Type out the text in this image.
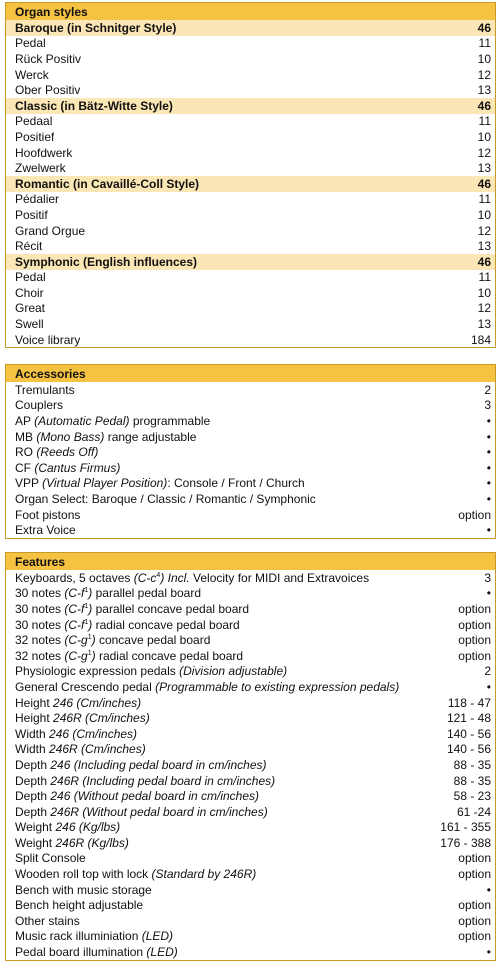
Organ styles
Baroque (in Schnitger Style)	46
Pedal	11
Rück Positiv	10
Werck	12
Ober Positiv	13
Classic (in Bätz-Witte Style)	46
Pedaal	11
Positief	10
Hoofdwerk	12
Zwelwerk	13
Romantic (in Cavaillé-Coll Style)	46
Pédalier	11
Positif	10
Grand Orgue	12
Récit	13
Symphonic (English influences)	46
Pedal	11
Choir	10
Great	12
Swell	13
Voice library	184
Accessories
Tremulants	2
Couplers	3
AP (Automatic Pedal) programmable	•
MB (Mono Bass) range adjustable	•
RO (Reeds Off)	•
CF (Cantus Firmus)	•
VPP (Virtual Player Position): Console / Front / Church	•
Organ Select: Baroque / Classic / Romantic / Symphonic	•
Foot pistons	option
Extra Voice	•
Features
Keyboards, 5 octaves $(C-c^4)$ Incl. Velocity for MIDI and Extravoices	3
30 notes $(C-f^1)$ parallel pedal board	•
30 notes $(C-f^1)$ parallel concave pedal board	option
30 notes $(C-f^1)$ radial concave pedal board	option
32 notes $(C-g^1)$ concave pedal board	option
32 notes $(C-g^1)$ radial concave pedal board	option
Physiologic expression pedals (Division adjustable)	2
General Crescendo pedal (Programmable to existing expression pedals)	•
Height 246 (Cm/inches)	118 - 47
Height 246R (Cm/inches)	121 - 48
Width 246 (Cm/inches)	140 - 56
Width 246R (Cm/inches)	140 - 56
Depth 246 (Including pedal board in cm/inches)	88 - 35
Depth 246R (Including pedal board in cm/inches)	88 - 35
Depth 246 (Without pedal board in cm/inches)	58 - 23
Depth 246R (Without pedal board in cm/inches)	61 -24
Weight 246 (Kg/lbs)	161 - 355
Weight 246R (Kg/lbs)	176 - 388
Split Console	option
Wooden roll top with lock (Standard by 246R)	option
Bench with music storage	•
Bench height adjustable	option
Other stains	option
Music rack illuminiation (LED)	option
Pedal board illumination (LED)	•
